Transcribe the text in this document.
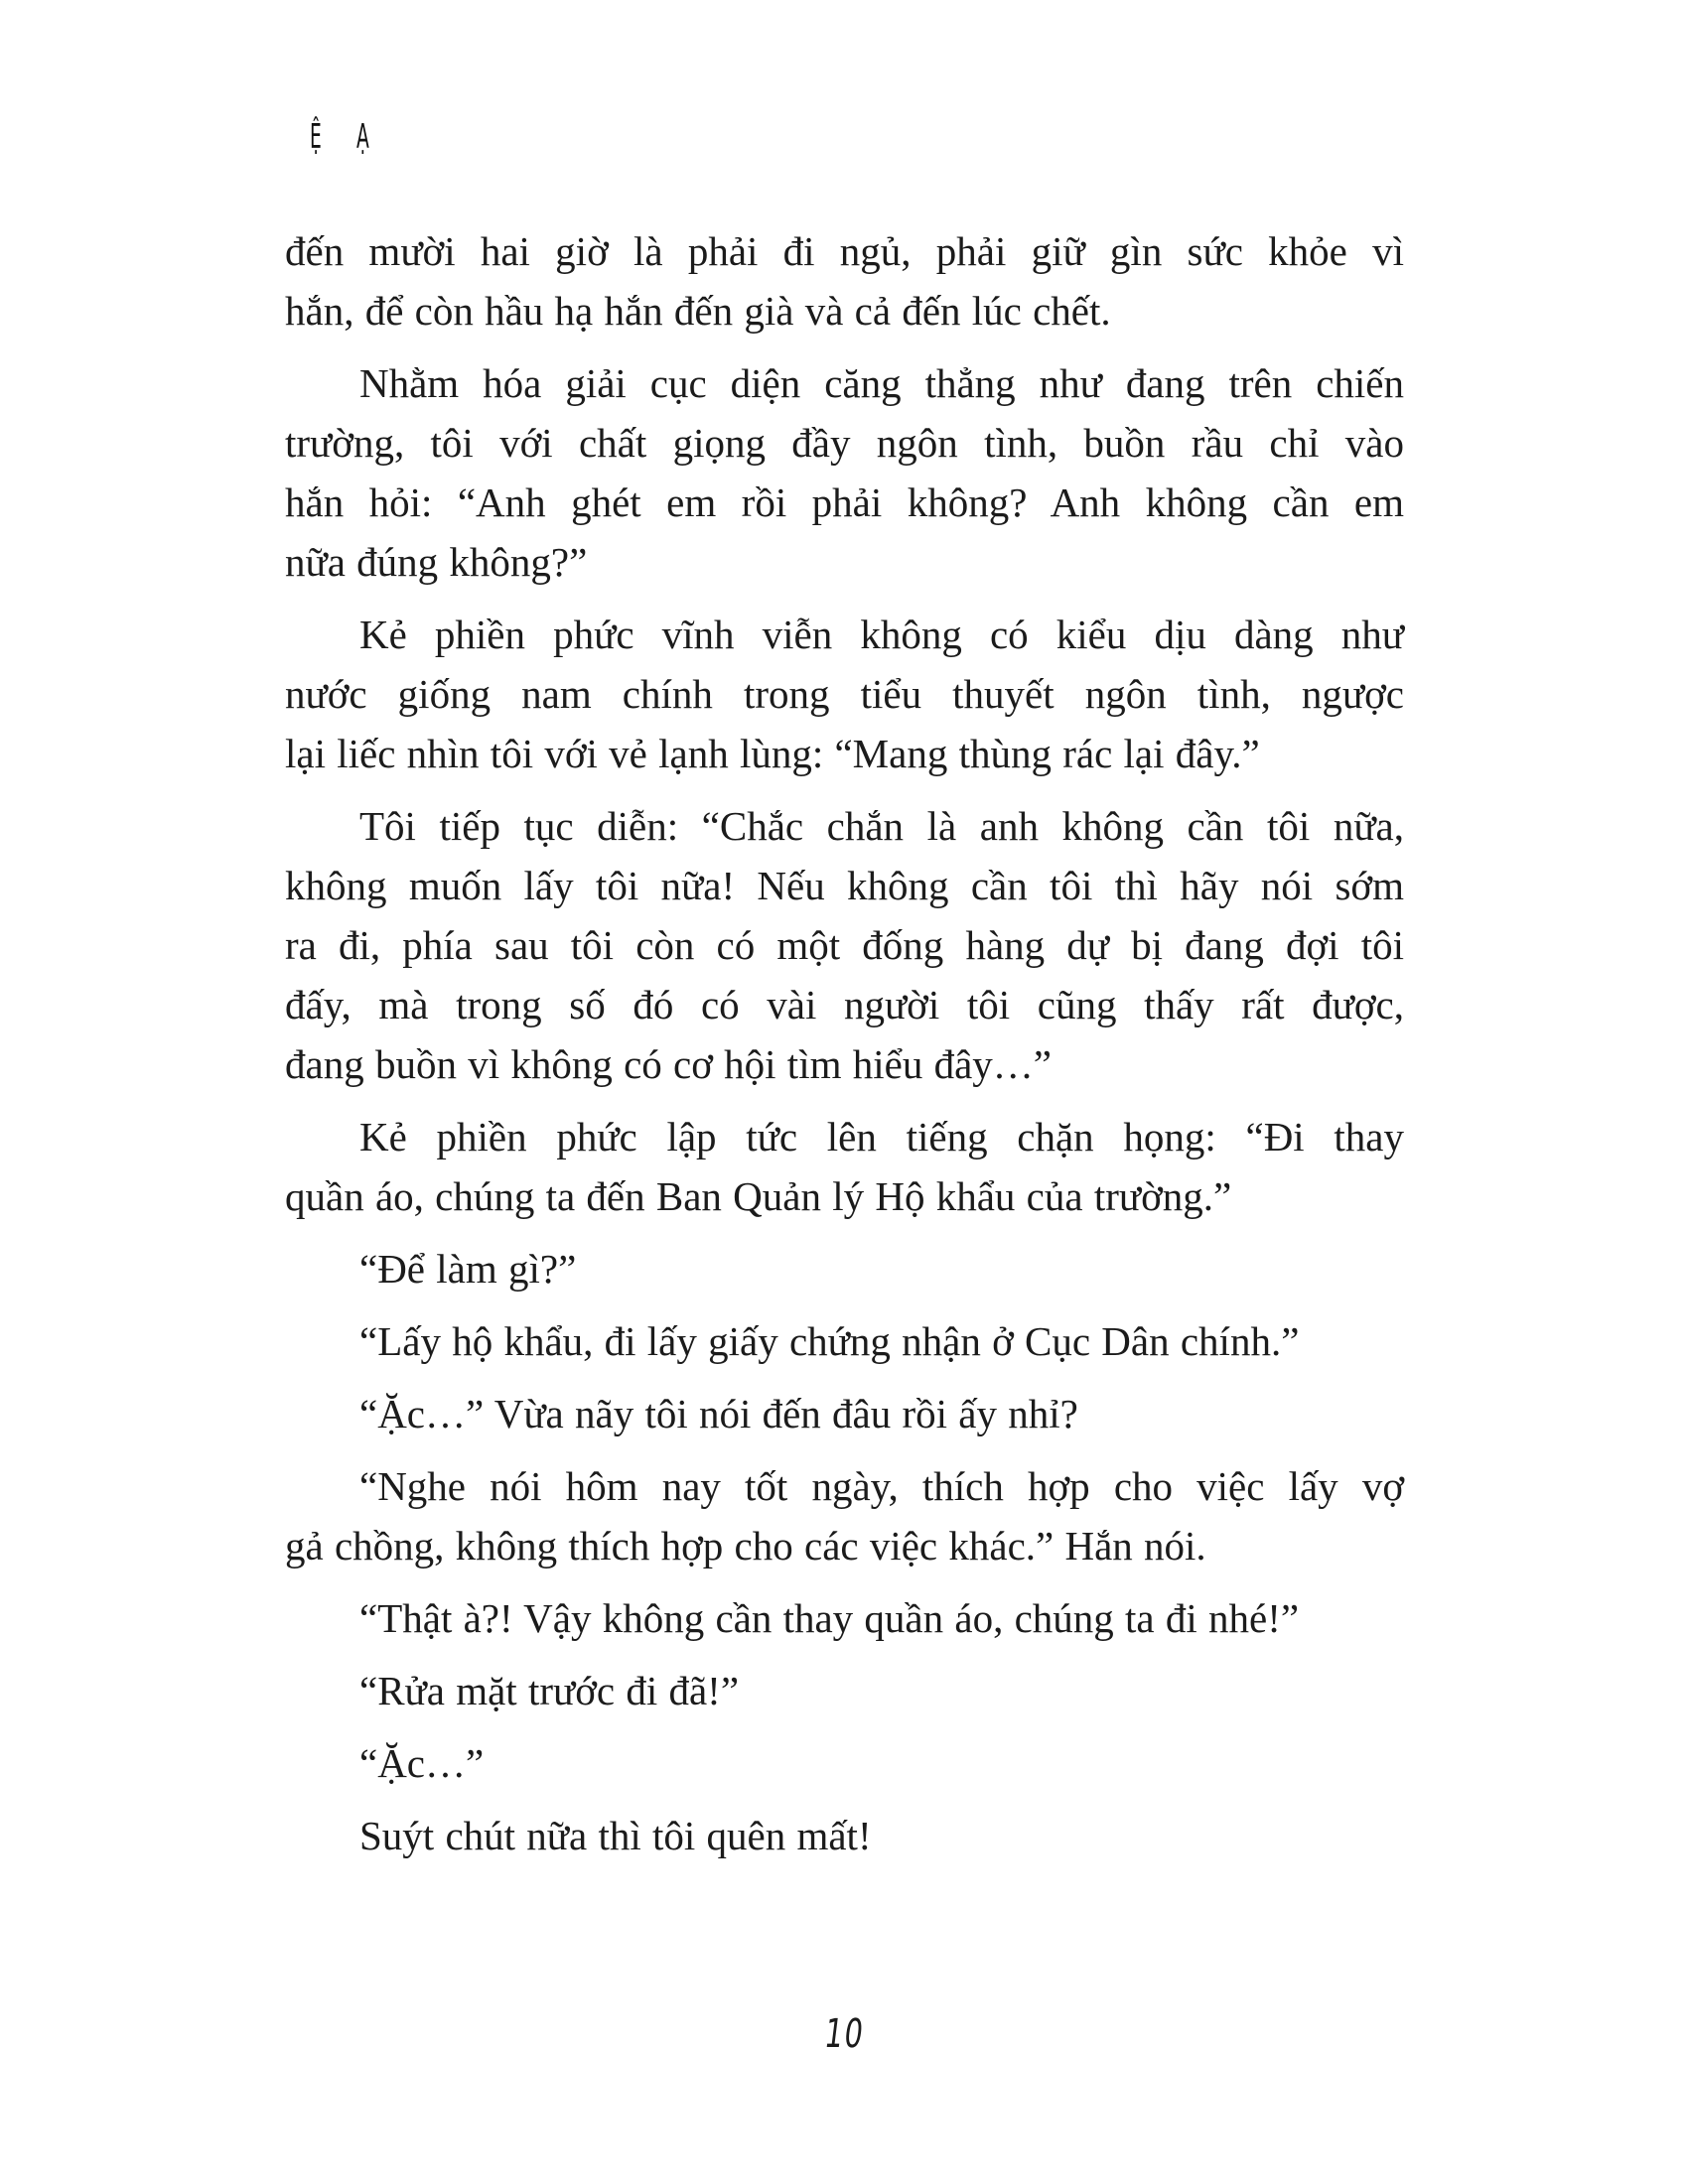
Ệ Ạ

đến mười hai giờ là phải đi ngủ, phải giữ gìn sức khỏe vì
hắn, để còn hầu hạ hắn đến già và cả đến lúc chết.

Nhằm hóa giải cục diện căng thẳng như đang trên chiến
trường, tôi với chất giọng đầy ngôn tình, buồn rầu chỉ vào
hắn hỏi: “Anh ghét em rồi phải không? Anh không cần em
nữa đúng không?”

Kẻ phiền phức vĩnh viễn không có kiểu dịu dàng như
nước giống nam chính trong tiểu thuyết ngôn tình, ngược
lại liếc nhìn tôi với vẻ lạnh lùng: “Mang thùng rác lại đây.”

Tôi tiếp tục diễn: “Chắc chắn là anh không cần tôi nữa,
không muốn lấy tôi nữa! Nếu không cần tôi thì hãy nói sớm
ra đi, phía sau tôi còn có một đống hàng dự bị đang đợi tôi
đấy, mà trong số đó có vài người tôi cũng thấy rất được,
đang buồn vì không có cơ hội tìm hiểu đây…”

Kẻ phiền phức lập tức lên tiếng chặn họng: “Đi thay
quần áo, chúng ta đến Ban Quản lý Hộ khẩu của trường.”

“Để làm gì?”

“Lấy hộ khẩu, đi lấy giấy chứng nhận ở Cục Dân chính.”

“Ặc…” Vừa nãy tôi nói đến đâu rồi ấy nhỉ?

“Nghe nói hôm nay tốt ngày, thích hợp cho việc lấy vợ
gả chồng, không thích hợp cho các việc khác.” Hắn nói.

“Thật à?! Vậy không cần thay quần áo, chúng ta đi nhé!”

“Rửa mặt trước đi đã!”

“Ặc…”

Suýt chút nữa thì tôi quên mất!

10
